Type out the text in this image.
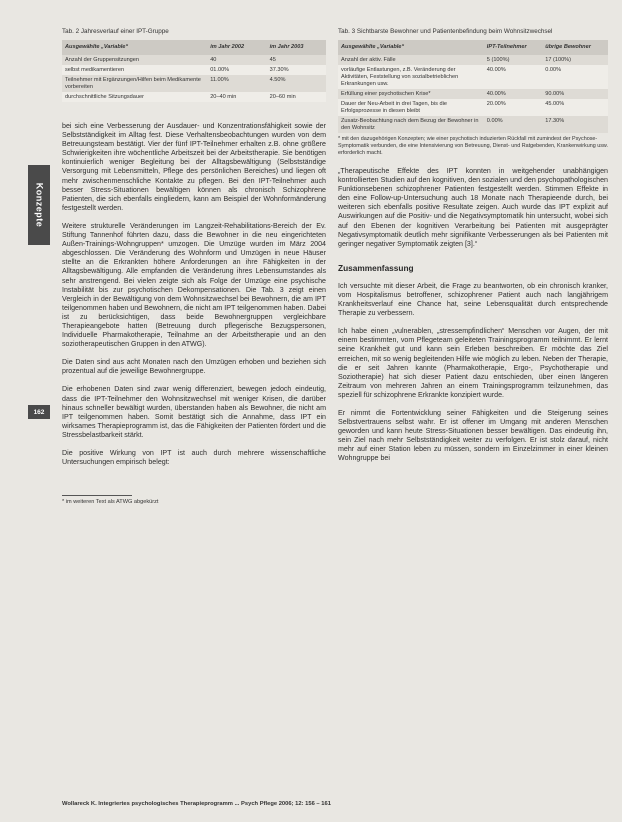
Konzepte
162
Tab. 2 Jahresverlauf einer IPT-Gruppe
Ausgewählte „Variable“	im Jahr 2002	im Jahr 2003
Anzahl der Gruppensitzungen	40	45
selbst medikamentieren	01.00%	37.30%
Teilnehmer mit Ergänzungen/Hilfen beim Medikamente vorbereiten	11.00%	4.50%
durchschnittliche Sitzungsdauer	20–40 min	20–60 min

bei sich eine Verbesserung der Ausdauer- und Konzentrationsfähigkeit sowie der Selbstständigkeit im Alltag fest. Diese Verhaltensbeobachtungen wurden von dem Betreuungsteam bestätigt. Vier der fünf IPT-Teilnehmer erhalten z.B. ohne größere Schwierigkeiten ihre wöchentliche Arbeitszeit bei der Arbeitstherapie. Sie benötigen kontinuierlich weniger Begleitung bei der Alltagsbewältigung (Selbstständige Versorgung mit Lebensmitteln, Pflege des persönlichen Bereiches) und liegen oft mehr zwischenmenschliche Kontakte zu pflegen. Bei den IPT-Teilnehmer auch besser Stress-Situationen bewältigen können als chronisch Schizophrene Patienten, die sich ebenfalls eingliedern, kann am Beispiel der Wohnformänderung festgestellt werden.

Weitere strukturelle Veränderungen im Langzeit-Rehabilitations-Bereich der Ev. Stiftung Tannenhof führten dazu, dass die Bewohner in die neu eingerichteten Außen-Trainings-Wohngruppen* umzogen. Die Umzüge wurden im März 2004 abgeschlossen. Die Veränderung des Wohnform und Umzügen in neue Häuser stellte an die Erkrankten höhere Anforderungen an ihre Fähigkeiten in der Alltagsbewältigung. Alle empfanden die Veränderung ihres Lebensumstandes als sehr anstrengend. Bei vielen zeigte sich als Folge der Umzüge eine psychische Instabilität bis zur psychotischen Dekompensationen. Die Tab. 3 zeigt einen Vergleich in der Bewältigung von dem Wohnsitzwechsel bei Bewohnern, die am IPT teilgenommen haben und Bewohnern, die nicht am IPT teilgenommen haben. Dabei ist zu berücksichtigen, dass beide Bewohnergruppen vergleichbare Therapieangebote hatten (Betreuung durch pflegerische Bezugspersonen, Individuelle Pharmakotherapie, Teilnahme an der Arbeitstherapie und an den soziotherapeutischen Gruppen in den ATWG).

Die Daten sind aus acht Monaten nach den Umzügen erhoben und beziehen sich prozentual auf die jeweilige Bewohnergruppe.

Die erhobenen Daten sind zwar wenig differenziert, bewegen jedoch eindeutig, dass die IPT-Teilnehmer den Wohnsitzwechsel mit weniger Krisen, die darüber hinaus schneller bewältigt wurden, überstanden haben als Bewohner, die nicht am IPT teilgenommen haben. Somit bestätigt sich die Annahme, dass IPT ein wirksames Therapieprogramm ist, das die Fähigkeiten der Patienten fördert und die Stressbelastbarkeit stärkt.

Die positive Wirkung von IPT ist auch durch mehrere wissenschaftliche Untersuchungen empirisch belegt:

* im weiteren Text als ATWG abgekürzt
Tab. 3 Sichtbarste Bewohner und Patientenbefindung beim Wohnsitzwechsel
Ausgewählte „Variable“	IPT-Teilnehmer	übrige Bewohner
Anzahl der aktiv. Fälle	5 (100%)	17 (100%)
vorläufige Entlastungen, z.B. Veränderung der Aktivitäten, Feststellung von sozialbetrieblichen Erkrankungen usw.	40.00%	0.00%
Erfüllung einer psychotischen Krise*	40.00%	90.00%
Dauer der Neu-Arbeit in drei Tagen, bis die Erfolgsprozesse in diesen bleibt	20.00%	45.00%
Zusatz-Beobachtung nach dem Bezug der Bewohner in den Wohnsitz	0.00%	17.30%
* mit den dazugehörigen Konzepten; wie einer psychotisch induzierten Rückfall mit zumindest der Psychose-Symptomatik verbunden, die eine Intensivierung von Betreuung, Dienst- und Ratgebenden, Krankenwirkung usw. erforderlich macht.

„Therapeutische Effekte des IPT konnten in weitgehender unabhängigen kontrollierten Studien auf den kognitiven, den sozialen und den psychopathologischen Funktionsebenen schizophrener Patienten festgestellt werden. Stimmen Effekte in den eine Follow-up-Untersuchung auch 18 Monate nach Therapieende durch, bei weiteren sich ebenfalls positive Resultate zeigen. Auch wurde das IPT explizit auf Auswirkungen auf die Positiv- und die Negativsymptomatik hin untersucht, wobei sich auf den Ebenen der kognitiven Verarbeitung bei Patienten mit ausgeprägter Negativsymptomatik deutlich mehr signifikante Verbesserungen als bei Patienten mit geringer negativer Symptomatik zeigten [3].“

Zusammenfassung

Ich versuchte mit dieser Arbeit, die Frage zu beantworten, ob ein chronisch kranker, vom Hospitalismus betroffener, schizophrener Patient auch nach langjährigem Krankheitsverlauf eine Chance hat, seine Lebensqualität durch entsprechende Therapie zu verbessern.

Ich habe einen „vulnerablen, „stressempfindlichen“ Menschen vor Augen, der mit einem bestimmten, vom Pflegeteam geleiteten Trainingsprogramm teilnimmt. Er lernt seine Krankheit gut und kann sein Erleben beschreiben. Er möchte das Ziel erreichen, mit so wenig begleitenden Hilfe wie möglich zu leben. Neben der Therapie, die er seit Jahren kannte (Pharmakotherapie, Ergo-, Psychotherapie und Soziotherapie) hat sich dieser Patient dazu entschieden, über einen längeren Zeitraum von mehreren Jahren an einem Trainingsprogramm teilzunehmen, das speziell für schizophrene Erkrankte konzipiert wurde.

Er nimmt die Fortentwicklung seiner Fähigkeiten und die Steigerung seines Selbstvertrauens selbst wahr. Er ist offener im Umgang mit anderen Menschen geworden und kann heute Stress-Situationen besser bewältigen. Das eindeutig ihn, sein Ziel nach mehr Selbstständigkeit weiter zu verfolgen. Er ist stolz darauf, nicht mehr auf einer Station leben zu müssen, sondern im Einzelzimmer in einer kleinen Wohngruppe bei

Wollareck K. Integriertes psychologisches Therapieprogramm ... Psych Pflege 2006; 12: 156 – 161
